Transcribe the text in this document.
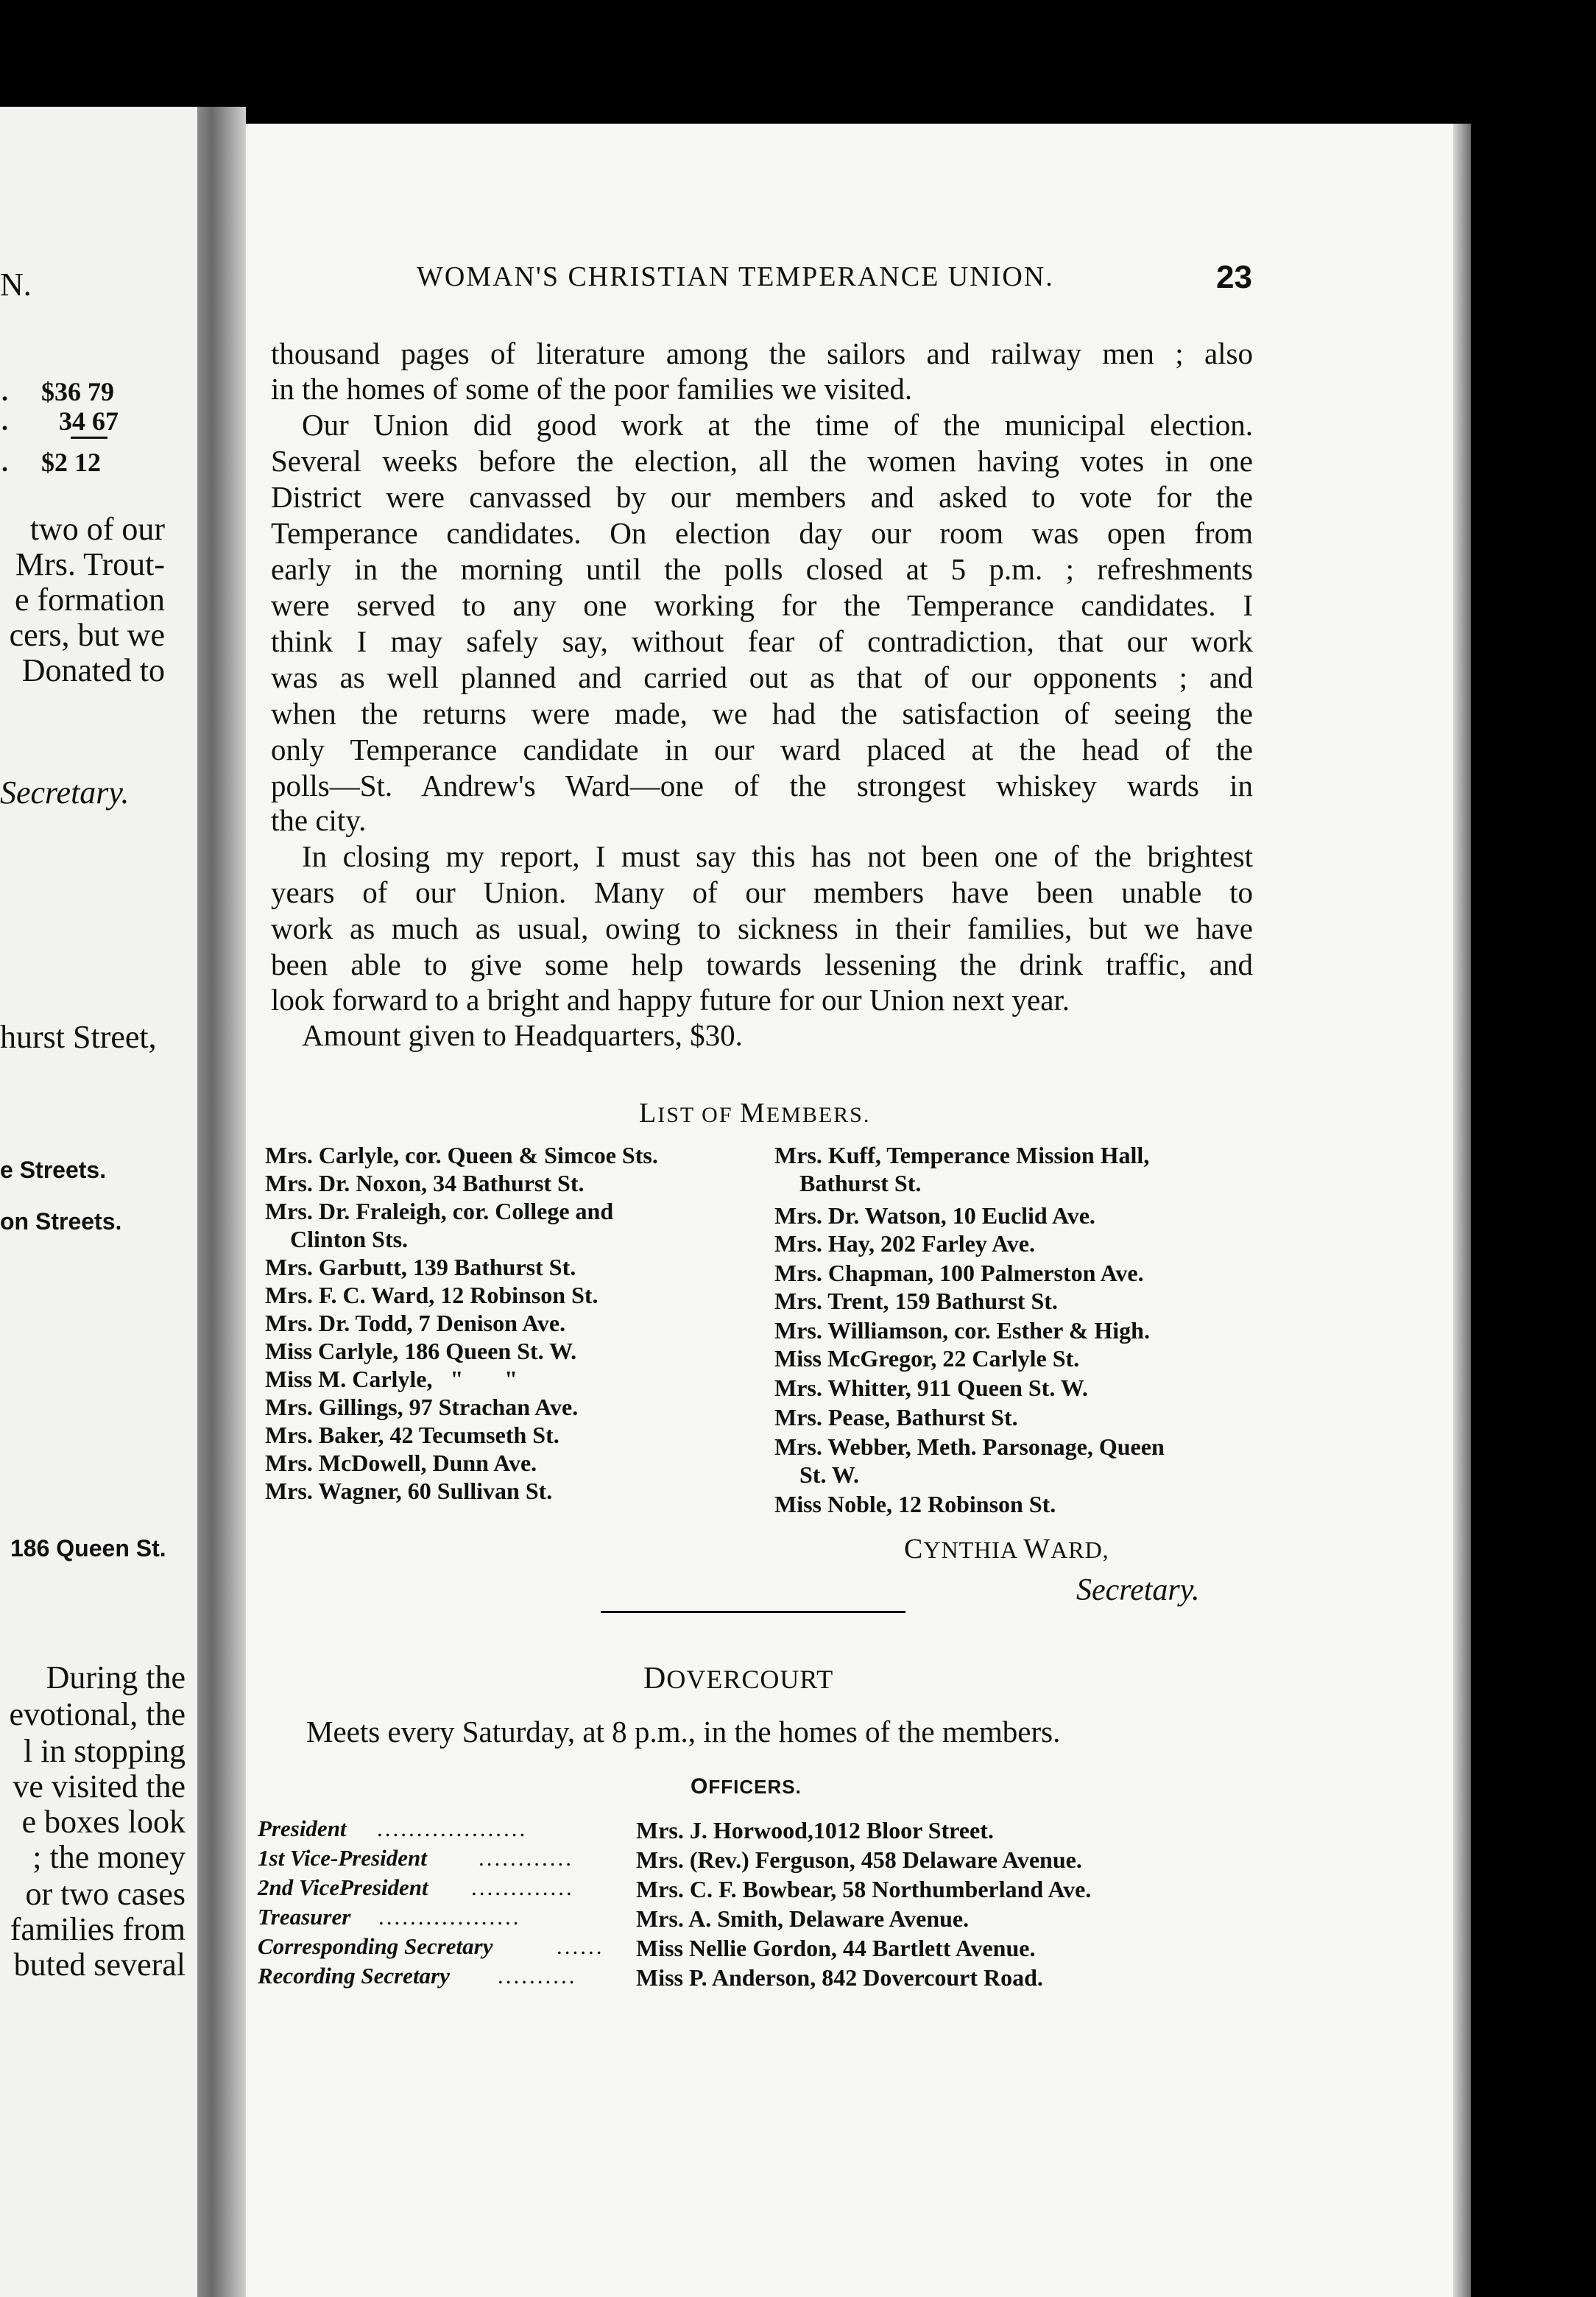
N.
. $36 79
. 34 67
. $2 12
two of our
Mrs. Trout-
e formation
cers, but we
Donated to
Secretary.
hurst Street,
e Streets.
on Streets.
186 Queen St.
During the
evotional, the
l in stopping
ve visited the
e boxes look
; the money
or two cases
families from
buted several
WOMAN'S CHRISTIAN TEMPERANCE UNION.	23
thousand pages of literature among the sailors and railway men ; also
in the homes of some of the poor families we visited.
Our Union did good work at the time of the municipal election.
Several weeks before the election, all the women having votes in one
District were canvassed by our members and asked to vote for the
Temperance candidates. On election day our room was open from
early in the morning until the polls closed at 5 p.m. ; refreshments
were served to any one working for the Temperance candidates. I
think I may safely say, without fear of contradiction, that our work
was as well planned and carried out as that of our opponents ; and
when the returns were made, we had the satisfaction of seeing the
only Temperance candidate in our ward placed at the head of the
polls—St. Andrew's Ward—one of the strongest whiskey wards in
the city.
In closing my report, I must say this has not been one of the brightest
years of our Union. Many of our members have been unable to
work as much as usual, owing to sickness in their families, but we have
been able to give some help towards lessening the drink traffic, and
look forward to a bright and happy future for our Union next year.
Amount given to Headquarters, $30.
LIST OF MEMBERS.
Mrs. Carlyle, cor. Queen & Simcoe Sts.
Mrs. Dr. Noxon, 34 Bathurst St.
Mrs. Dr. Fraleigh, cor. College and
Clinton Sts.
Mrs. Garbutt, 139 Bathurst St.
Mrs. F. C. Ward, 12 Robinson St.
Mrs. Dr. Todd, 7 Denison Ave.
Miss Carlyle, 186 Queen St. W.
Miss M. Carlyle,   "       "
Mrs. Gillings, 97 Strachan Ave.
Mrs. Baker, 42 Tecumseth St.
Mrs. McDowell, Dunn Ave.
Mrs. Wagner, 60 Sullivan St.
Mrs. Kuff, Temperance Mission Hall,
Bathurst St.
Mrs. Dr. Watson, 10 Euclid Ave.
Mrs. Hay, 202 Farley Ave.
Mrs. Chapman, 100 Palmerston Ave.
Mrs. Trent, 159 Bathurst St.
Mrs. Williamson, cor. Esther & High.
Miss McGregor, 22 Carlyle St.
Mrs. Whitter, 911 Queen St. W.
Mrs. Pease, Bathurst St.
Mrs. Webber, Meth. Parsonage, Queen
St. W.
Miss Noble, 12 Robinson St.
CYNTHIA WARD,
Secretary.
DOVERCOURT
Meets every Saturday, at 8 p.m., in the homes of the members.
OFFICERS.
President ...................	Mrs. J. Horwood,1012 Bloor Street.
1st Vice-President ............	Mrs. (Rev.) Ferguson, 458 Delaware Avenue.
2nd VicePresident .............	Mrs. C. F. Bowbear, 58 Northumberland Ave.
Treasurer ..................	Mrs. A. Smith, Delaware Avenue.
Corresponding Secretary	...... Miss Nellie Gordon, 44 Bartlett Avenue.
Recording Secretary ..........	Miss P. Anderson, 842 Dovercourt Road.
